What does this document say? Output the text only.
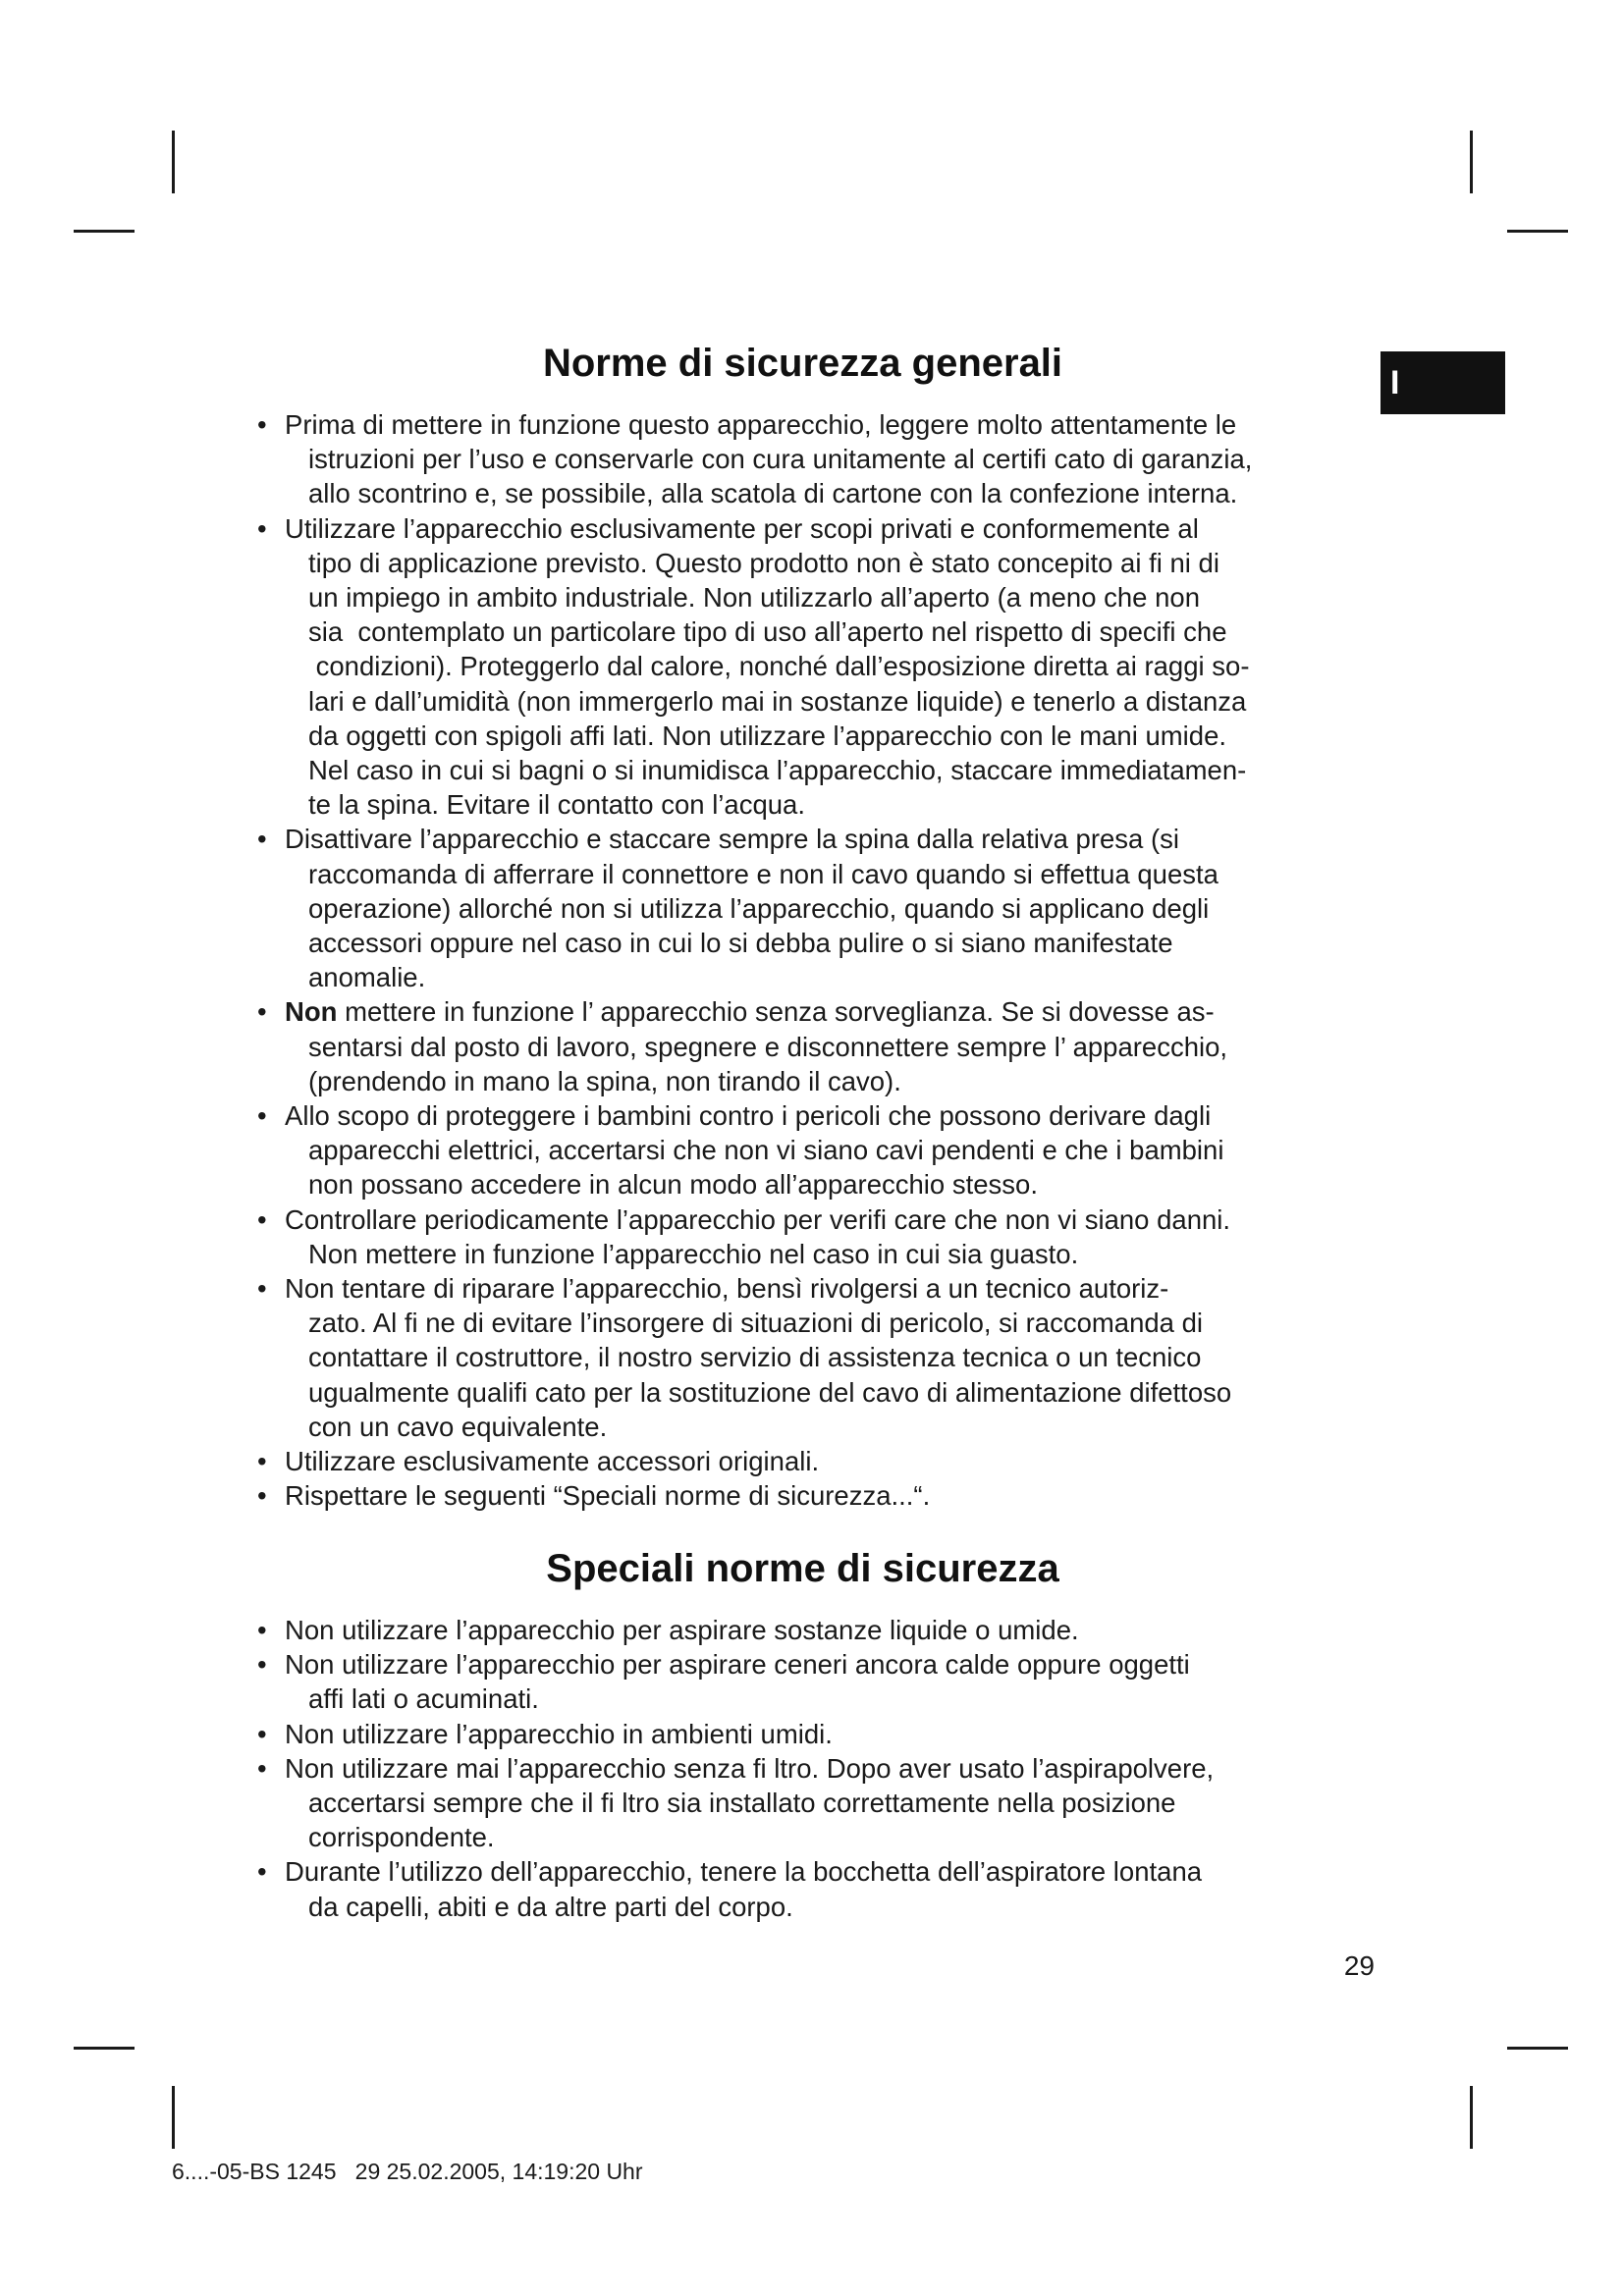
I
Norme di sicurezza generali
• Prima di mettere in funzione questo apparecchio, leggere molto attentamente le
istruzioni per l’uso e conservarle con cura unitamente al certifi cato di garanzia,
allo scontrino e, se possibile, alla scatola di cartone con la confezione interna.
• Utilizzare l’apparecchio esclusivamente per scopi privati e conformemente al
tipo di applicazione previsto. Questo prodotto non è stato concepito ai fi ni di
un impiego in ambito industriale. Non utilizzarlo all’aperto (a meno che non
sia  contemplato un particolare tipo di uso all’aperto nel rispetto di specifi che
condizioni). Proteggerlo dal calore, nonché dall’esposizione diretta ai raggi so-
lari e dall’umidità (non immergerlo mai in sostanze liquide) e tenerlo a distanza
da oggetti con spigoli affi lati. Non utilizzare l’apparecchio con le mani umide.
Nel caso in cui si bagni o si inumidisca l’apparecchio, staccare immediatamen-
te la spina. Evitare il contatto con l’acqua.
• Disattivare l’apparecchio e staccare sempre la spina dalla relativa presa (si
raccomanda di afferrare il connettore e non il cavo quando si effettua questa
operazione) allorché non si utilizza l’apparecchio, quando si applicano degli
accessori oppure nel caso in cui lo si debba pulire o si siano manifestate
anomalie.
• Non mettere in funzione l’ apparecchio senza sorveglianza. Se si dovesse as-
sentarsi dal posto di lavoro, spegnere e disconnettere sempre l’ apparecchio,
(prendendo in mano la spina, non tirando il cavo).
• Allo scopo di proteggere i bambini contro i pericoli che possono derivare dagli
apparecchi elettrici, accertarsi che non vi siano cavi pendenti e che i bambini
non possano accedere in alcun modo all’apparecchio stesso.
• Controllare periodicamente l’apparecchio per verifi care che non vi siano danni.
Non mettere in funzione l’apparecchio nel caso in cui sia guasto.
• Non tentare di riparare l’apparecchio, bensì rivolgersi a un tecnico autoriz-
zato. Al fi ne di evitare l’insorgere di situazioni di pericolo, si raccomanda di
contattare il costruttore, il nostro servizio di assistenza tecnica o un tecnico
ugualmente qualifi cato per la sostituzione del cavo di alimentazione difettoso
con un cavo equivalente.
• Utilizzare esclusivamente accessori originali.
• Rispettare le seguenti “Speciali norme di sicurezza...“.
Speciali norme di sicurezza
• Non utilizzare l’apparecchio per aspirare sostanze liquide o umide.
• Non utilizzare l’apparecchio per aspirare ceneri ancora calde oppure oggetti
affi lati o acuminati.
• Non utilizzare l’apparecchio in ambienti umidi.
• Non utilizzare mai l’apparecchio senza fi ltro. Dopo aver usato l’aspirapolvere,
accertarsi sempre che il fi ltro sia installato correttamente nella posizione
corrispondente.
• Durante l’utilizzo dell’apparecchio, tenere la bocchetta dell’aspiratore lontana
da capelli, abiti e da altre parti del corpo.
29
6....-05-BS 1245   29 25.02.2005, 14:19:20 Uhr
